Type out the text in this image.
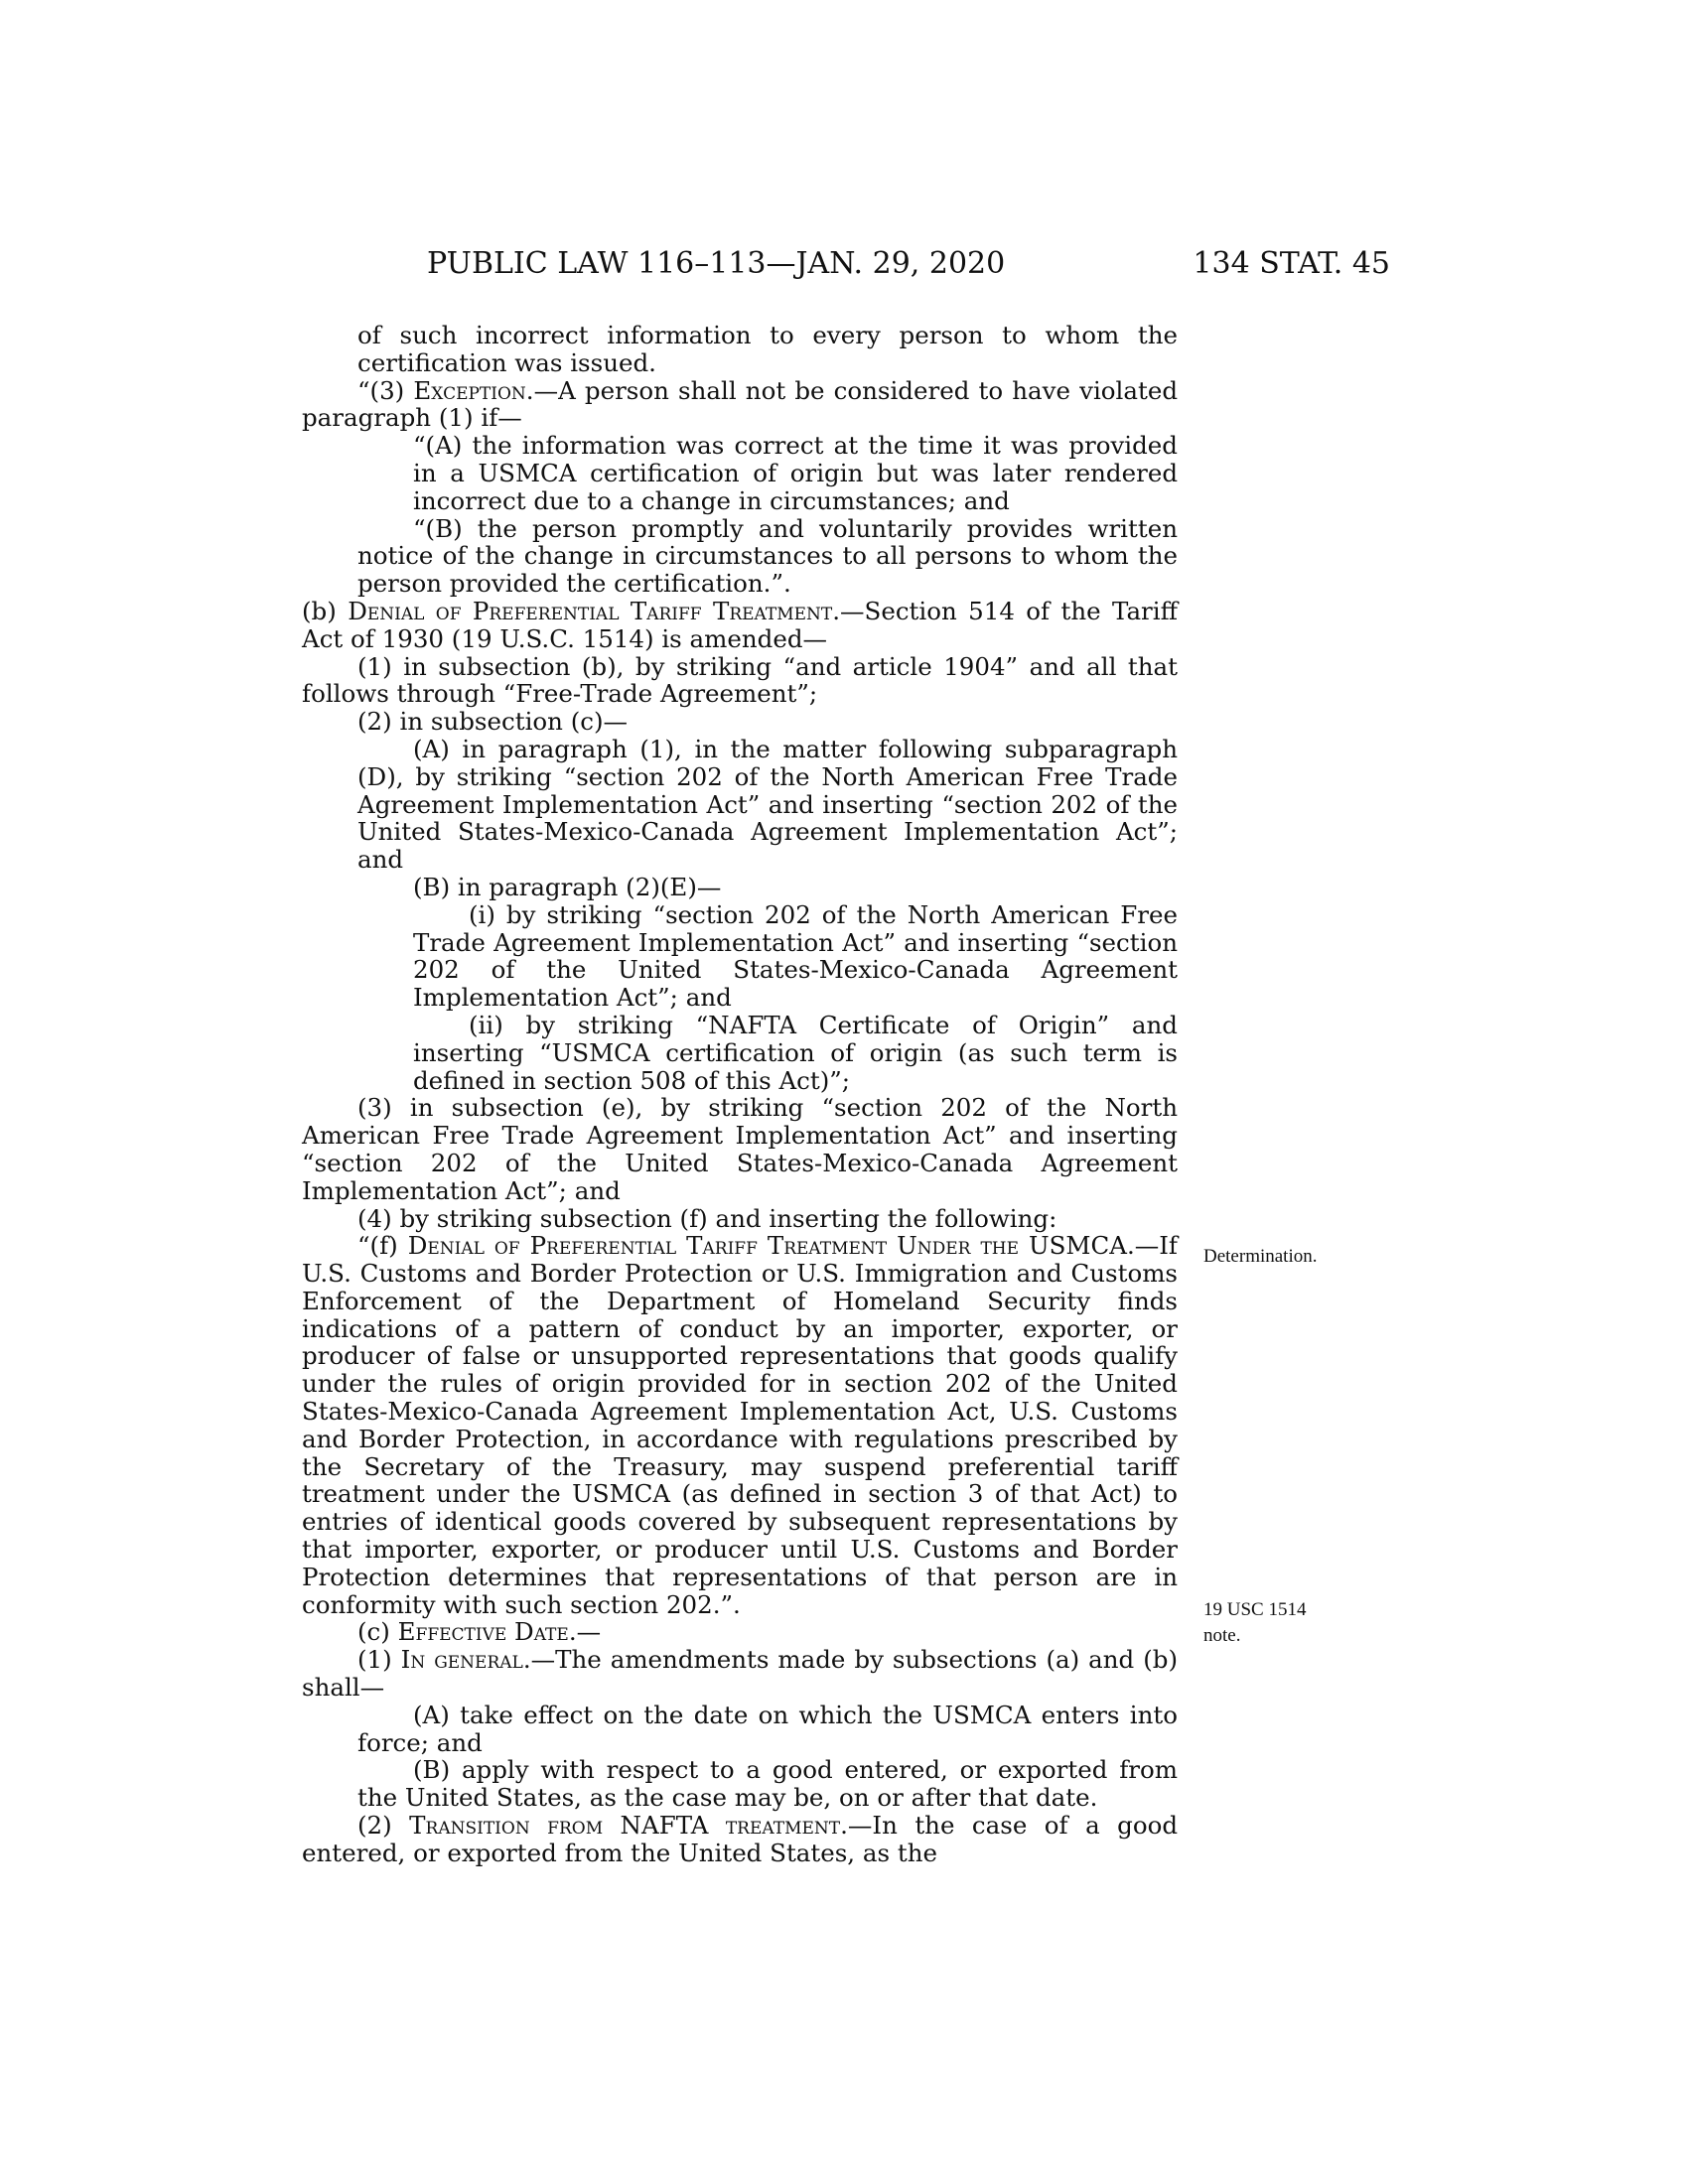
PUBLIC LAW 116–113—JAN. 29, 2020	134 STAT. 45

of such incorrect information to every person to whom the certification was issued.

“(3) Exception.—A person shall not be considered to have violated paragraph (1) if—

“(A) the information was correct at the time it was provided in a USMCA certification of origin but was later rendered incorrect due to a change in circumstances; and

“(B) the person promptly and voluntarily provides written notice of the change in circumstances to all persons to whom the person provided the certification.”.

(b) Denial of Preferential Tariff Treatment.—Section 514 of the Tariff Act of 1930 (19 U.S.C. 1514) is amended—

(1) in subsection (b), by striking “and article 1904” and all that follows through “Free-Trade Agreement”;

(2) in subsection (c)—

(A) in paragraph (1), in the matter following subparagraph (D), by striking “section 202 of the North American Free Trade Agreement Implementation Act” and inserting “section 202 of the United States-Mexico-Canada Agreement Implementation Act”; and

(B) in paragraph (2)(E)—

(i) by striking “section 202 of the North American Free Trade Agreement Implementation Act” and inserting “section 202 of the United States-Mexico-Canada Agreement Implementation Act”; and

(ii) by striking “NAFTA Certificate of Origin” and inserting “USMCA certification of origin (as such term is defined in section 508 of this Act)”;

(3) in subsection (e), by striking “section 202 of the North American Free Trade Agreement Implementation Act” and inserting “section 202 of the United States-Mexico-Canada Agreement Implementation Act”; and

(4) by striking subsection (f) and inserting the following:

“(f) Denial of Preferential Tariff Treatment Under the USMCA.—If U.S. Customs and Border Protection or U.S. Immigration and Customs Enforcement of the Department of Homeland Security finds indications of a pattern of conduct by an importer, exporter, or producer of false or unsupported representations that goods qualify under the rules of origin provided for in section 202 of the United States-Mexico-Canada Agreement Implementation Act, U.S. Customs and Border Protection, in accordance with regulations prescribed by the Secretary of the Treasury, may suspend preferential tariff treatment under the USMCA (as defined in section 3 of that Act) to entries of identical goods covered by subsequent representations by that importer, exporter, or producer until U.S. Customs and Border Protection determines that representations of that person are in conformity with such section 202.”.

(c) Effective Date.—

(1) In general.—The amendments made by subsections (a) and (b) shall—

(A) take effect on the date on which the USMCA enters into force; and

(B) apply with respect to a good entered, or exported from the United States, as the case may be, on or after that date.

(2) Transition from NAFTA treatment.—In the case of a good entered, or exported from the United States, as the

Determination.
19 USC 1514
note.
